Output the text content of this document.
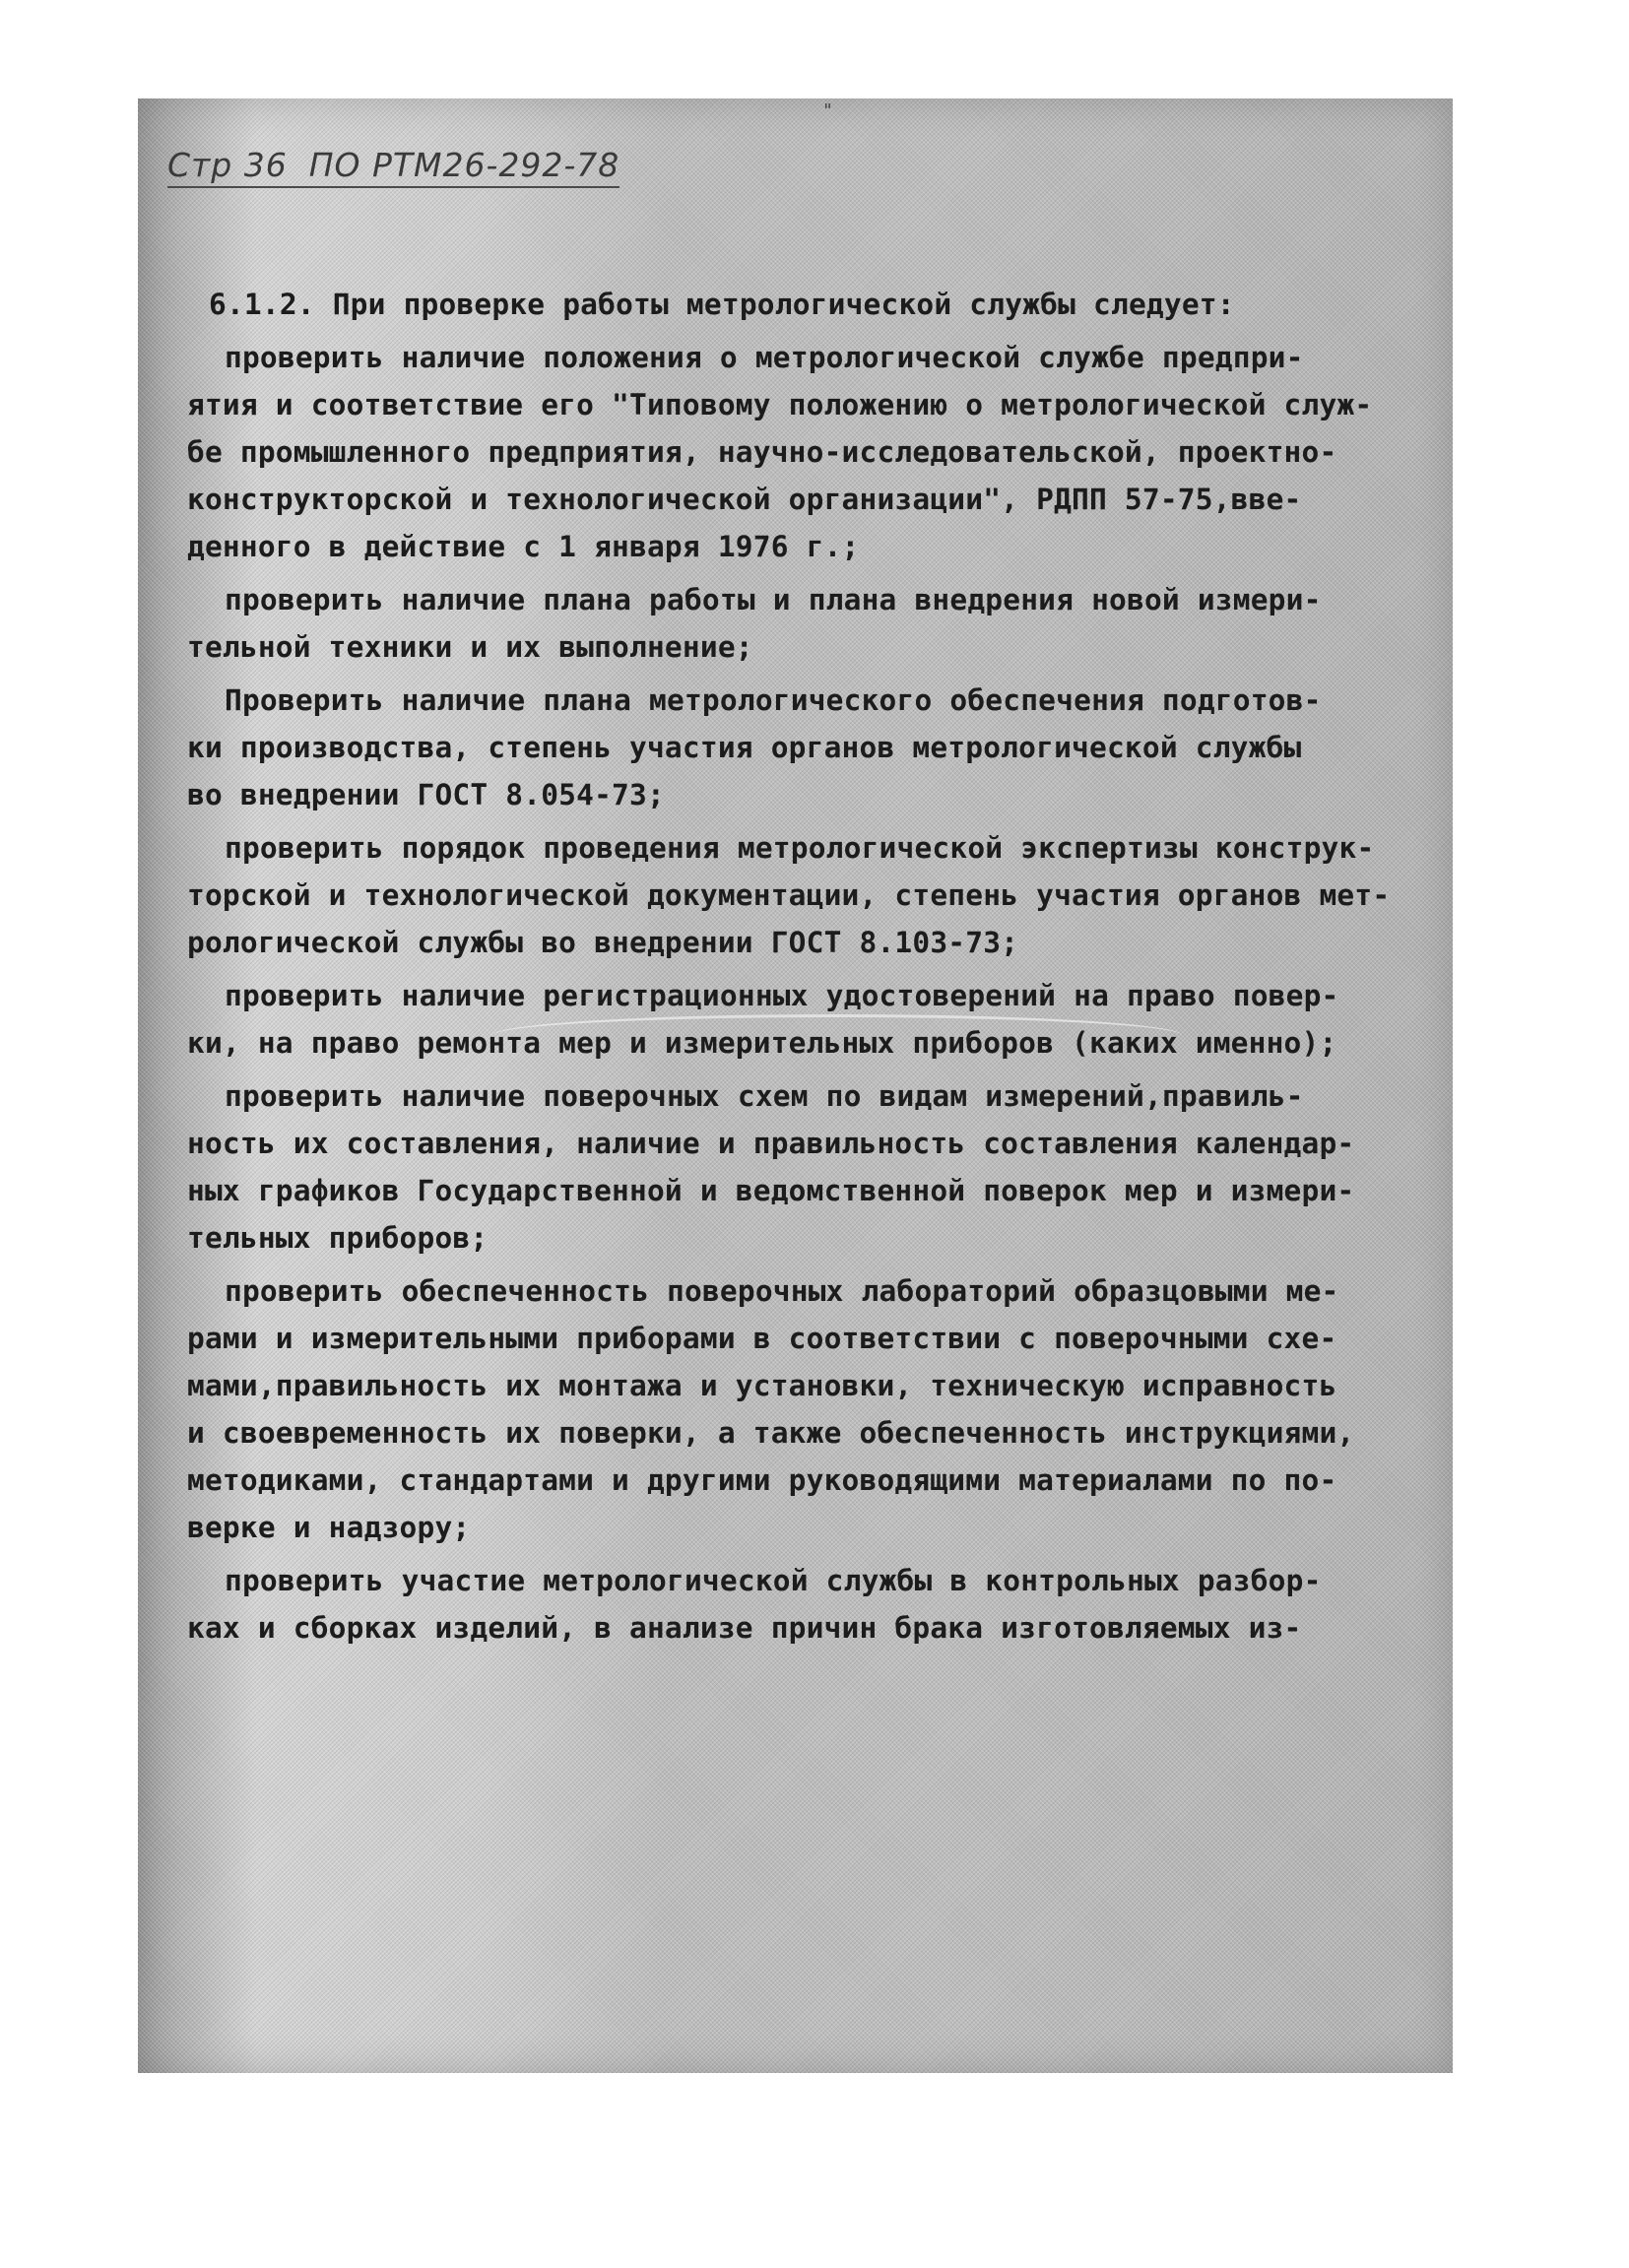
"
Стр 36 ПО РТМ26-292-78
6.1.2. При проверке работы метрологической службы следует:
проверить наличие положения о метрологической службе предпри-
ятия и соответствие его "Типовому положению о метрологической служ-
бе промышленного предприятия, научно-исследовательской, проектно-
конструкторской и технологической организации", РДПП 57-75,вве-
денного в действие с 1 января 1976 г.;
проверить наличие плана работы и плана внедрения новой измери-
тельной техники и их выполнение;
Проверить наличие плана метрологического обеспечения подготов-
ки производства, степень участия органов метрологической службы
во внедрении ГОСТ 8.054-73;
проверить порядок проведения метрологической экспертизы конструк-
торской и технологической документации, степень участия органов мет-
рологической службы во внедрении ГОСТ 8.103-73;
проверить наличие регистрационных удостоверений на право повер-
ки, на право ремонта мер и измерительных приборов (каких именно);
проверить наличие поверочных схем по видам измерений,правиль-
ность их составления, наличие и правильность составления календар-
ных графиков Государственной и ведомственной поверок мер и измери-
тельных приборов;
проверить обеспеченность поверочных лабораторий образцовыми ме-
рами и измерительными приборами в соответствии с поверочными схе-
мами,правильность их монтажа и установки, техническую исправность
и своевременность их поверки, а также обеспеченность инструкциями,
методиками, стандартами и другими руководящими материалами по по-
верке и надзору;
проверить участие метрологической службы в контрольных разбор-
ках и сборках изделий, в анализе причин брака изготовляемых из-
